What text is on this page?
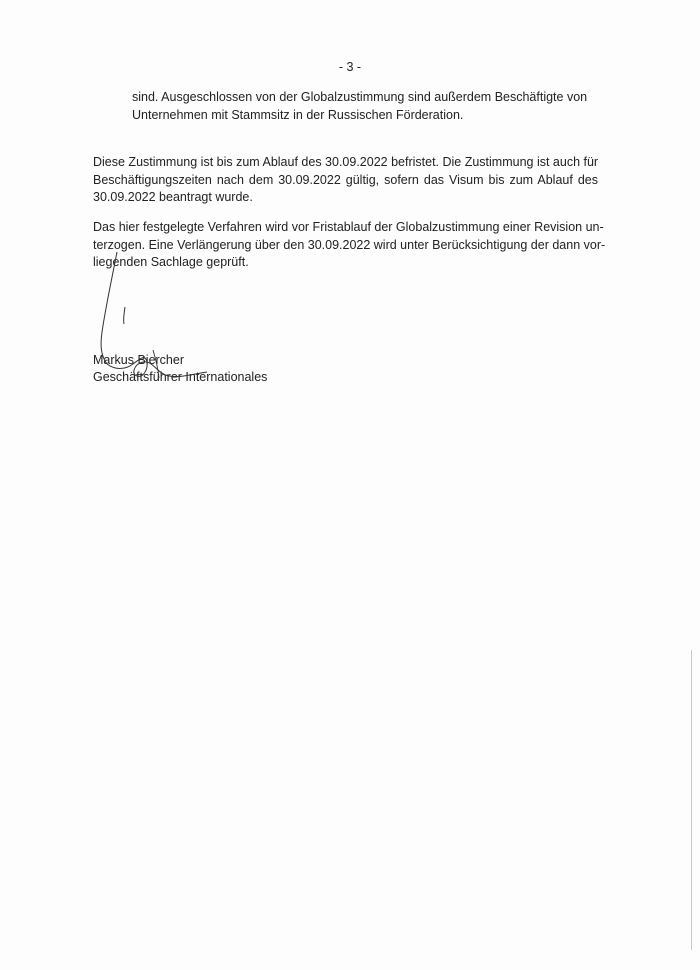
- 3 -
sind. Ausgeschlossen von der Globalzustimmung sind außerdem Beschäftigte von
Unternehmen mit Stammsitz in der Russischen Förderation.
Diese Zustimmung ist bis zum Ablauf des 30.09.2022 befristet. Die Zustimmung ist auch für
Beschäftigungszeiten nach dem 30.09.2022 gültig, sofern das Visum bis zum Ablauf des
30.09.2022 beantragt wurde.
Das hier festgelegte Verfahren wird vor Fristablauf der Globalzustimmung einer Revision un-
terzogen. Eine Verlängerung über den 30.09.2022 wird unter Berücksichtigung der dann vor-
liegenden Sachlage geprüft.
Markus Biercher
Geschäftsführer Internationales
